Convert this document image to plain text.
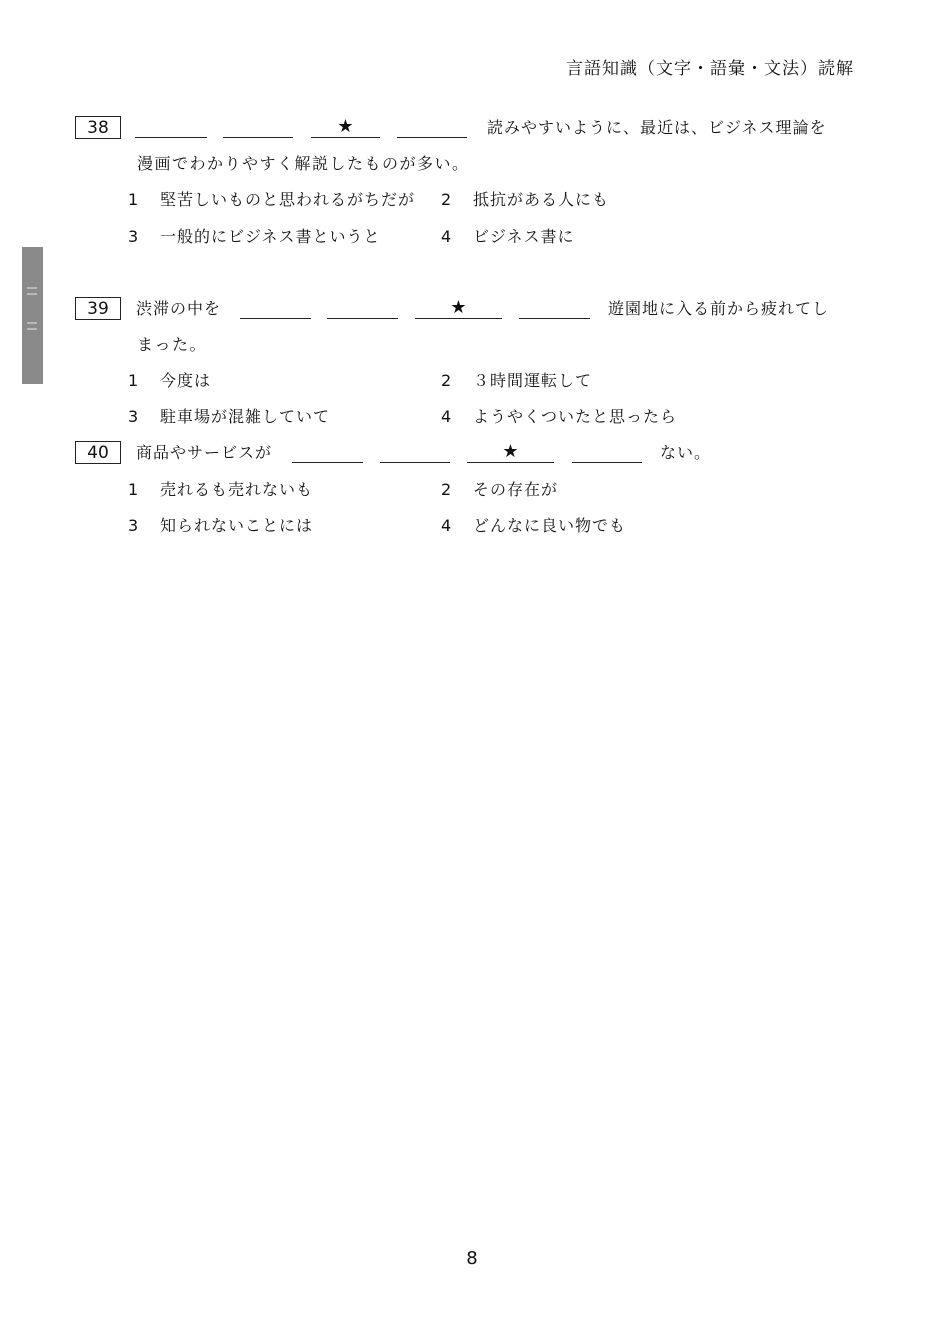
言語知識（文字・語彙・文法）読解
38	★	読みやすいように、最近は、ビジネス理論を
漫画でわかりやすく解説したものが多い。
1 堅苦しいものと思われるがちだが 2 抵抗がある人にも
3 一般的にビジネス書というと	4 ビジネス書に
39	渋滞の中を	★	遊園地に入る前から疲れてし
まった。
1 今度は	2 ３時間運転して
3 駐車場が混雑していて	4 ようやくついたと思ったら
40	商品やサービスが	★	ない。
1 売れるも売れないも	2 その存在が
3 知られないことには	4 どんなに良い物でも
8
